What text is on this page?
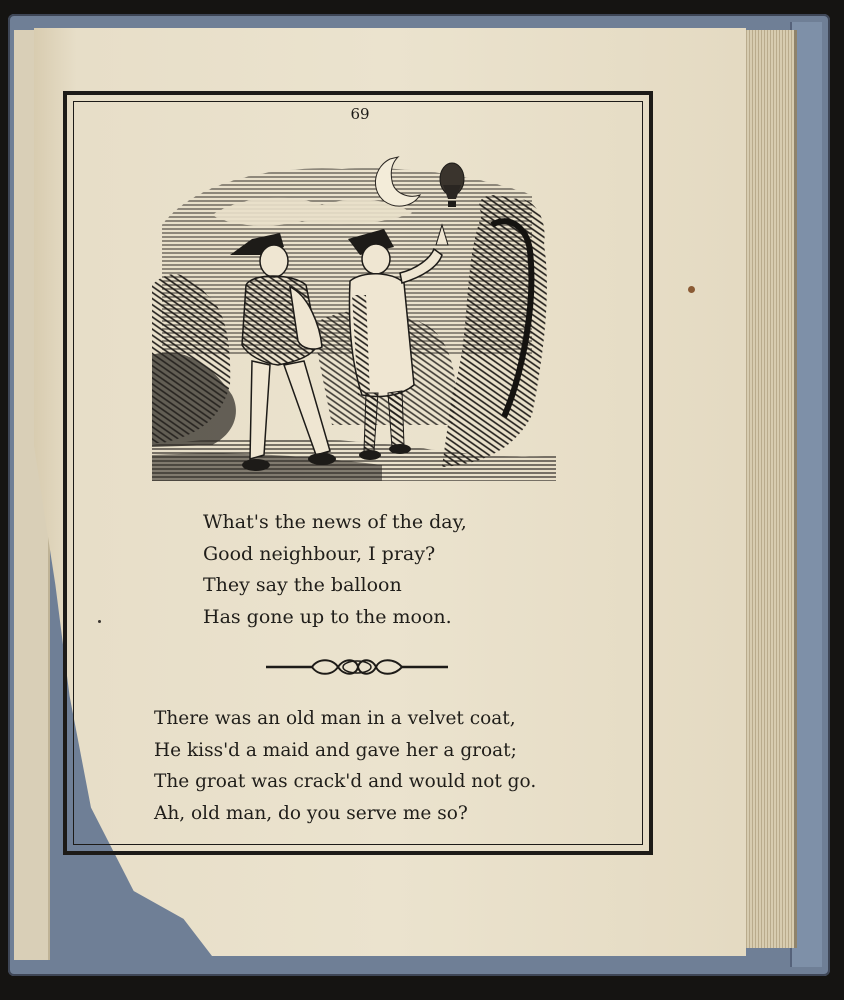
69
What's the news of the day,
Good neighbour, I pray?
They say the balloon
Has gone up to the moon.
There was an old man in a velvet coat,
He kiss'd a maid and gave her a groat;
The groat was crack'd and would not go.
Ah, old man, do you serve me so?
